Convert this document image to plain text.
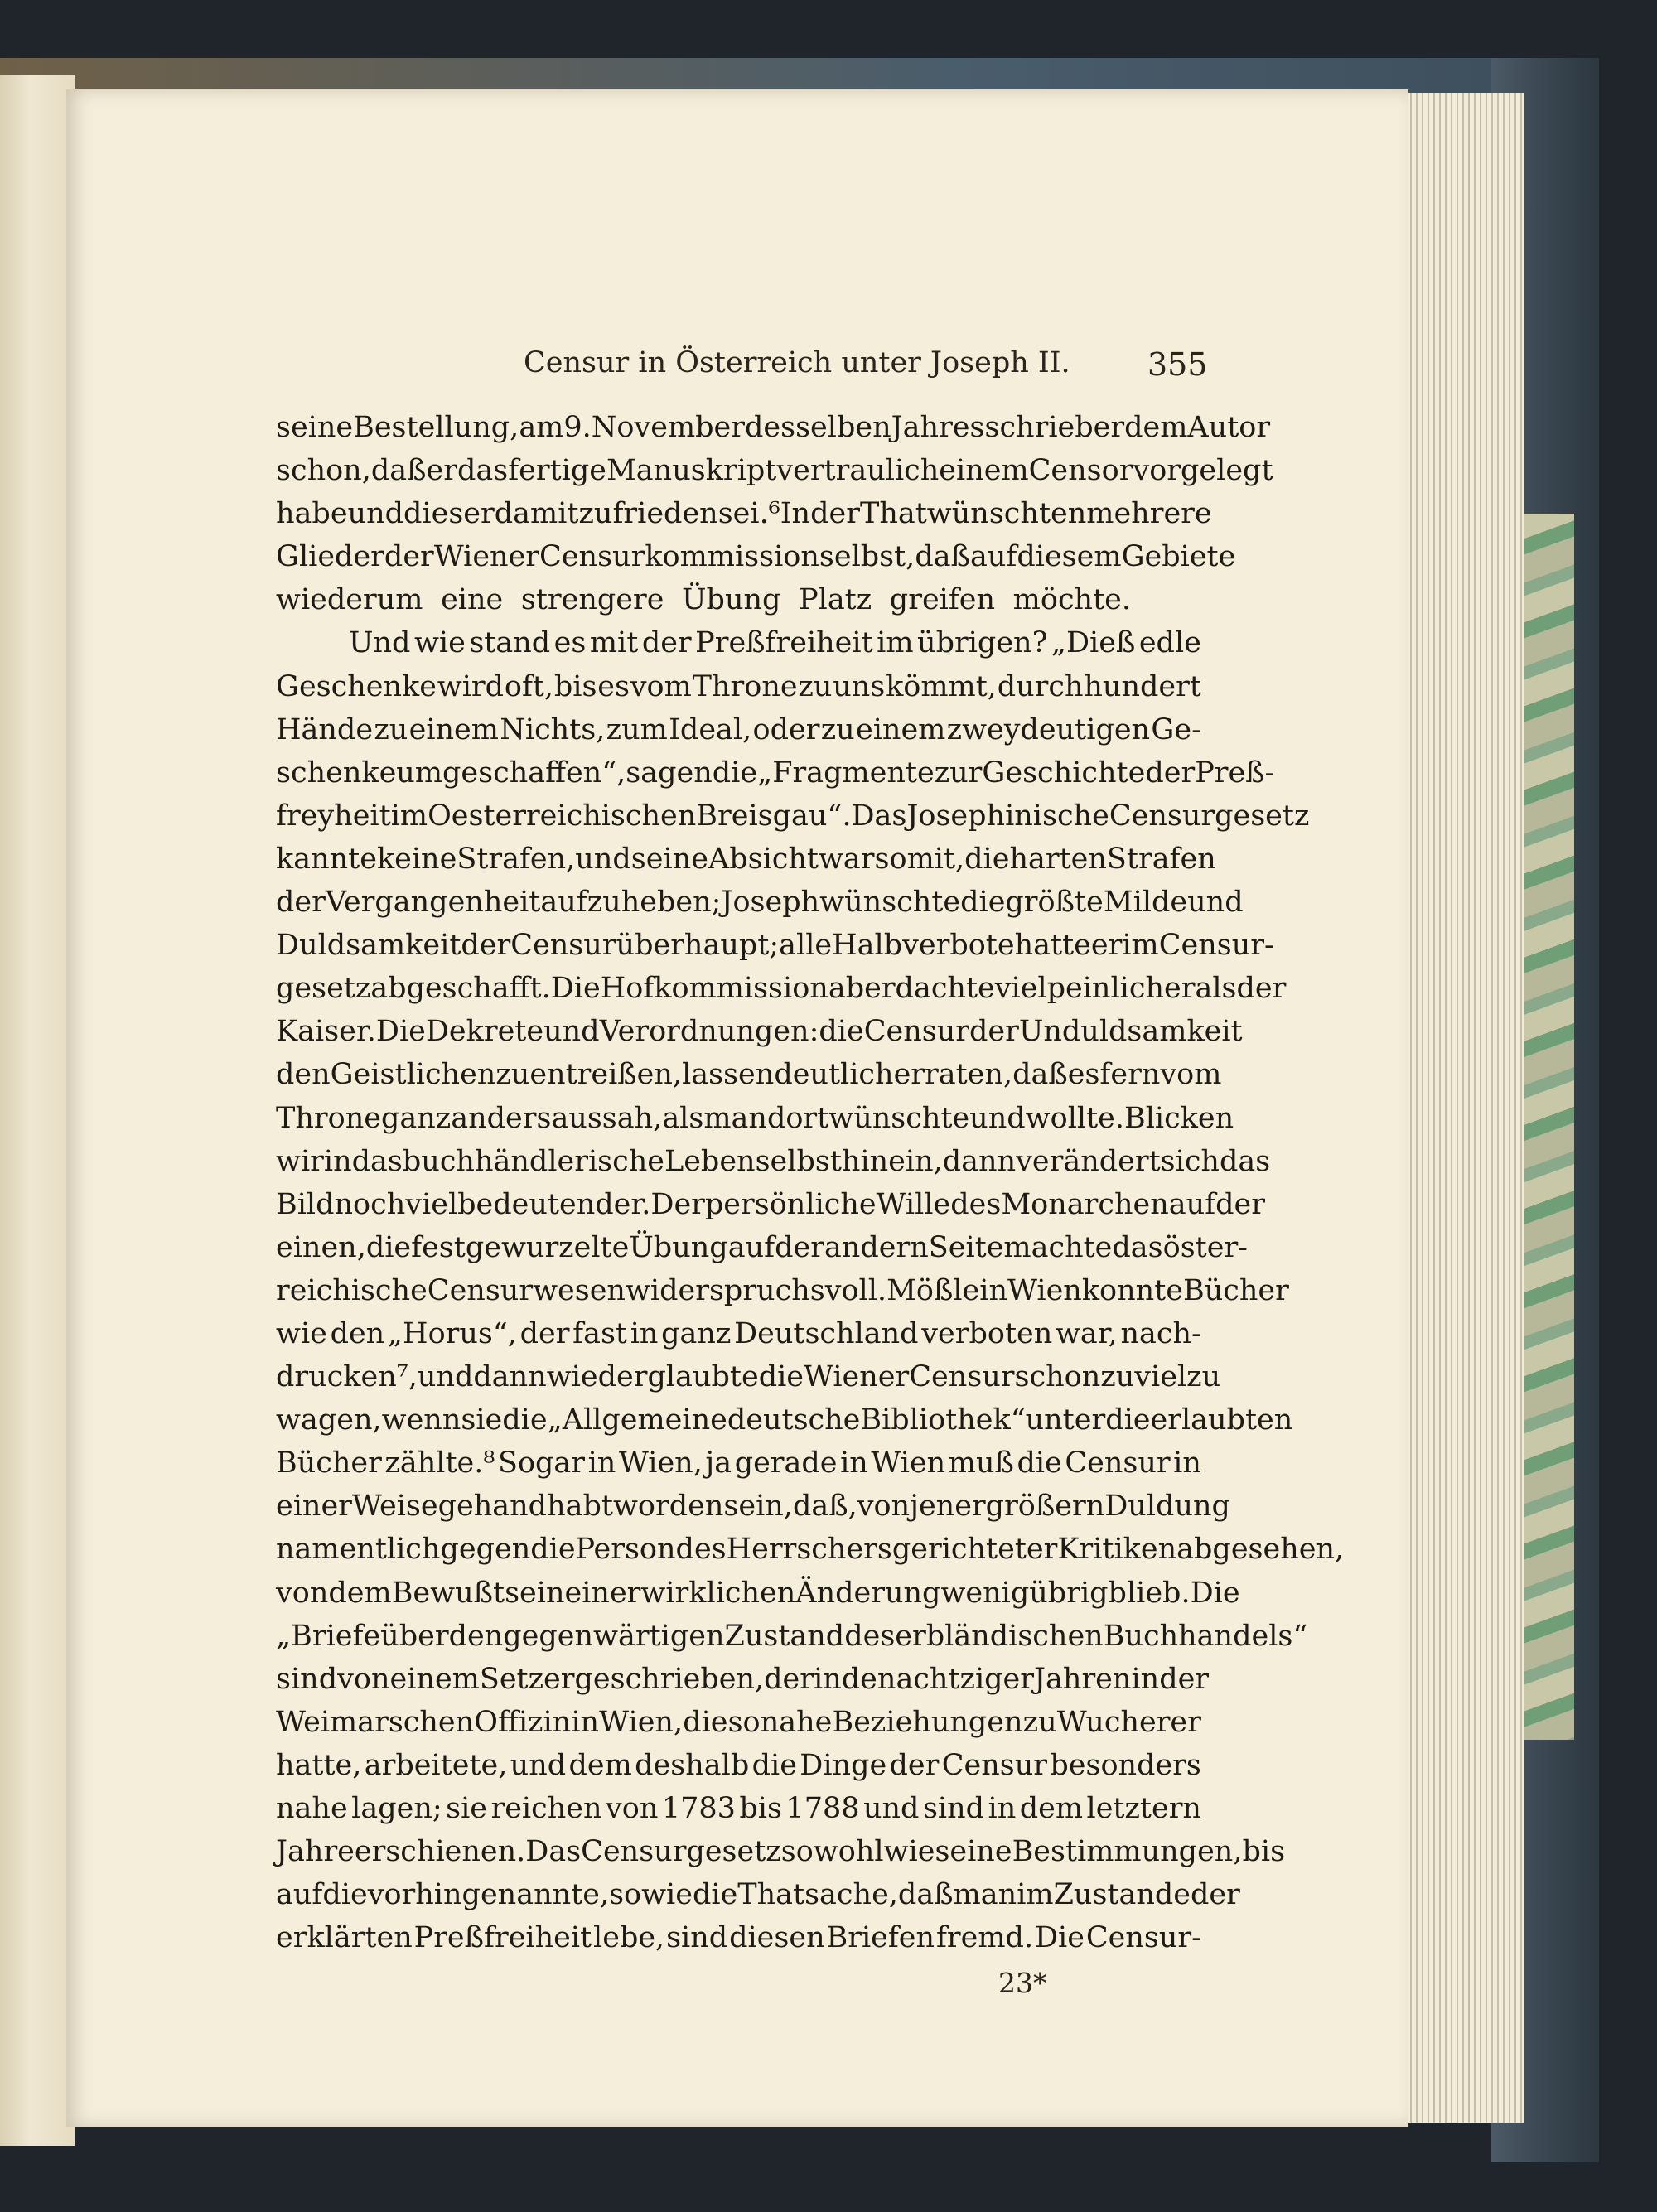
Censur in Österreich unter Joseph II. 355
seine Bestellung, am 9. November desselben Jahres schrieb er dem Autor
schon, daß er das fertige Manuskript vertraulich einem Censor vorgelegt
habe und dieser damit zufrieden sei.⁶ In der That wünschten mehrere
Glieder der Wiener Censurkommission selbst, daß auf diesem Gebiete
wiederum eine strengere Übung Platz greifen möchte.
Und wie stand es mit der Preßfreiheit im übrigen? „Dieß edle
Geschenke wird oft, bis es vom Throne zu uns kömmt, durch hundert
Hände zu einem Nichts, zum Ideal, oder zu einem zweydeutigen Ge-
schenke umgeschaffen“, sagen die „Fragmente zur Geschichte der Preß-
freyheit im Oesterreichischen Breisgau“. Das Josephinische Censurgesetz
kannte keine Strafen, und seine Absicht war somit, die harten Strafen
der Vergangenheit aufzuheben; Joseph wünschte die größte Milde und
Duldsamkeit der Censur überhaupt; alle Halbverbote hatte er im Censur-
gesetz abgeschafft. Die Hofkommission aber dachte viel peinlicher als der
Kaiser. Die Dekrete und Verordnungen: die Censur der Unduldsamkeit
den Geistlichen zu entreißen, lassen deutlich erraten, daß es fern vom
Throne ganz anders aussah, als man dort wünschte und wollte. Blicken
wir in das buchhändlerische Leben selbst hinein, dann verändert sich das
Bild noch viel bedeutender. Der persönliche Wille des Monarchen auf der
einen, die festgewurzelte Übung auf der andern Seite machte das öster-
reichische Censurwesen widerspruchsvoll. Mößle in Wien konnte Bücher
wie den „Horus“, der fast in ganz Deutschland verboten war, nach-
drucken⁷, und dann wieder glaubte die Wiener Censur schon zu viel zu
wagen, wenn sie die „Allgemeine deutsche Bibliothek“ unter die erlaubten
Bücher zählte.⁸ Sogar in Wien, ja gerade in Wien muß die Censur in
einer Weise gehandhabt worden sein, daß, von jener größern Duldung
namentlich gegen die Person des Herrschers gerichteter Kritiken abgesehen,
von dem Bewußtsein einer wirklichen Änderung wenig übrig blieb. Die
„Briefe über den gegenwärtigen Zustand des erbländischen Buchhandels“
sind von einem Setzer geschrieben, der in den achtziger Jahren in der
Weimarschen Offizin in Wien, die so nahe Beziehungen zu Wucherer
hatte, arbeitete, und dem deshalb die Dinge der Censur besonders
nahe lagen; sie reichen von 1783 bis 1788 und sind in dem letztern
Jahre erschienen. Das Censurgesetz sowohl wie seine Bestimmungen, bis
auf die vorhin genannte, sowie die Thatsache, daß man im Zustande der
erklärten Preßfreiheit lebe, sind diesen Briefen fremd. Die Censur-
23*
